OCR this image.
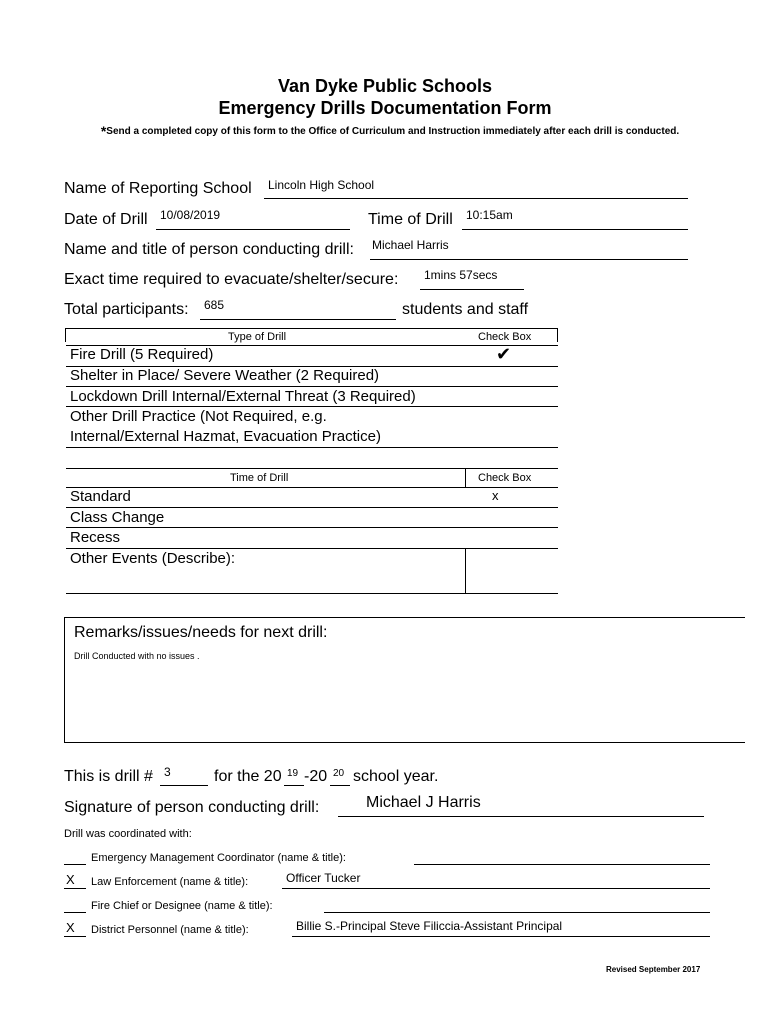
Van Dyke Public Schools
Emergency Drills Documentation Form
*Send a completed copy of this form to the Office of Curriculum and Instruction immediately after each drill is conducted.
Name of Reporting School Lincoln High School
Date of Drill 10/08/2019	Time of Drill 10:15am
Name and title of person conducting drill: Michael Harris
Exact time required to evacuate/shelter/secure: 1mins 57secs
Total participants: 685	students and staff
Type of Drill	Check Box
Fire Drill (5 Required)	✔
Shelter in Place/ Severe Weather (2 Required)
Lockdown Drill Internal/External Threat (3 Required)
Other Drill Practice (Not Required, e.g.
Internal/External Hazmat, Evacuation Practice)
Time of Drill	Check Box
Standard	x
Class Change
Recess
Other Events (Describe):
Remarks/issues/needs for next drill:
Drill Conducted with no issues .
This is drill # 3	for the 20 19 -20 20 school year.
Signature of person conducting drill:	Michael J Harris
Drill was coordinated with:
Emergency Management Coordinator (name & title):
X Law Enforcement (name & title):	Officer Tucker
Fire Chief or Designee (name & title):
X District Personnel (name & title):	Billie S.-Principal Steve Filiccia-Assistant Principal
Revised September 2017
